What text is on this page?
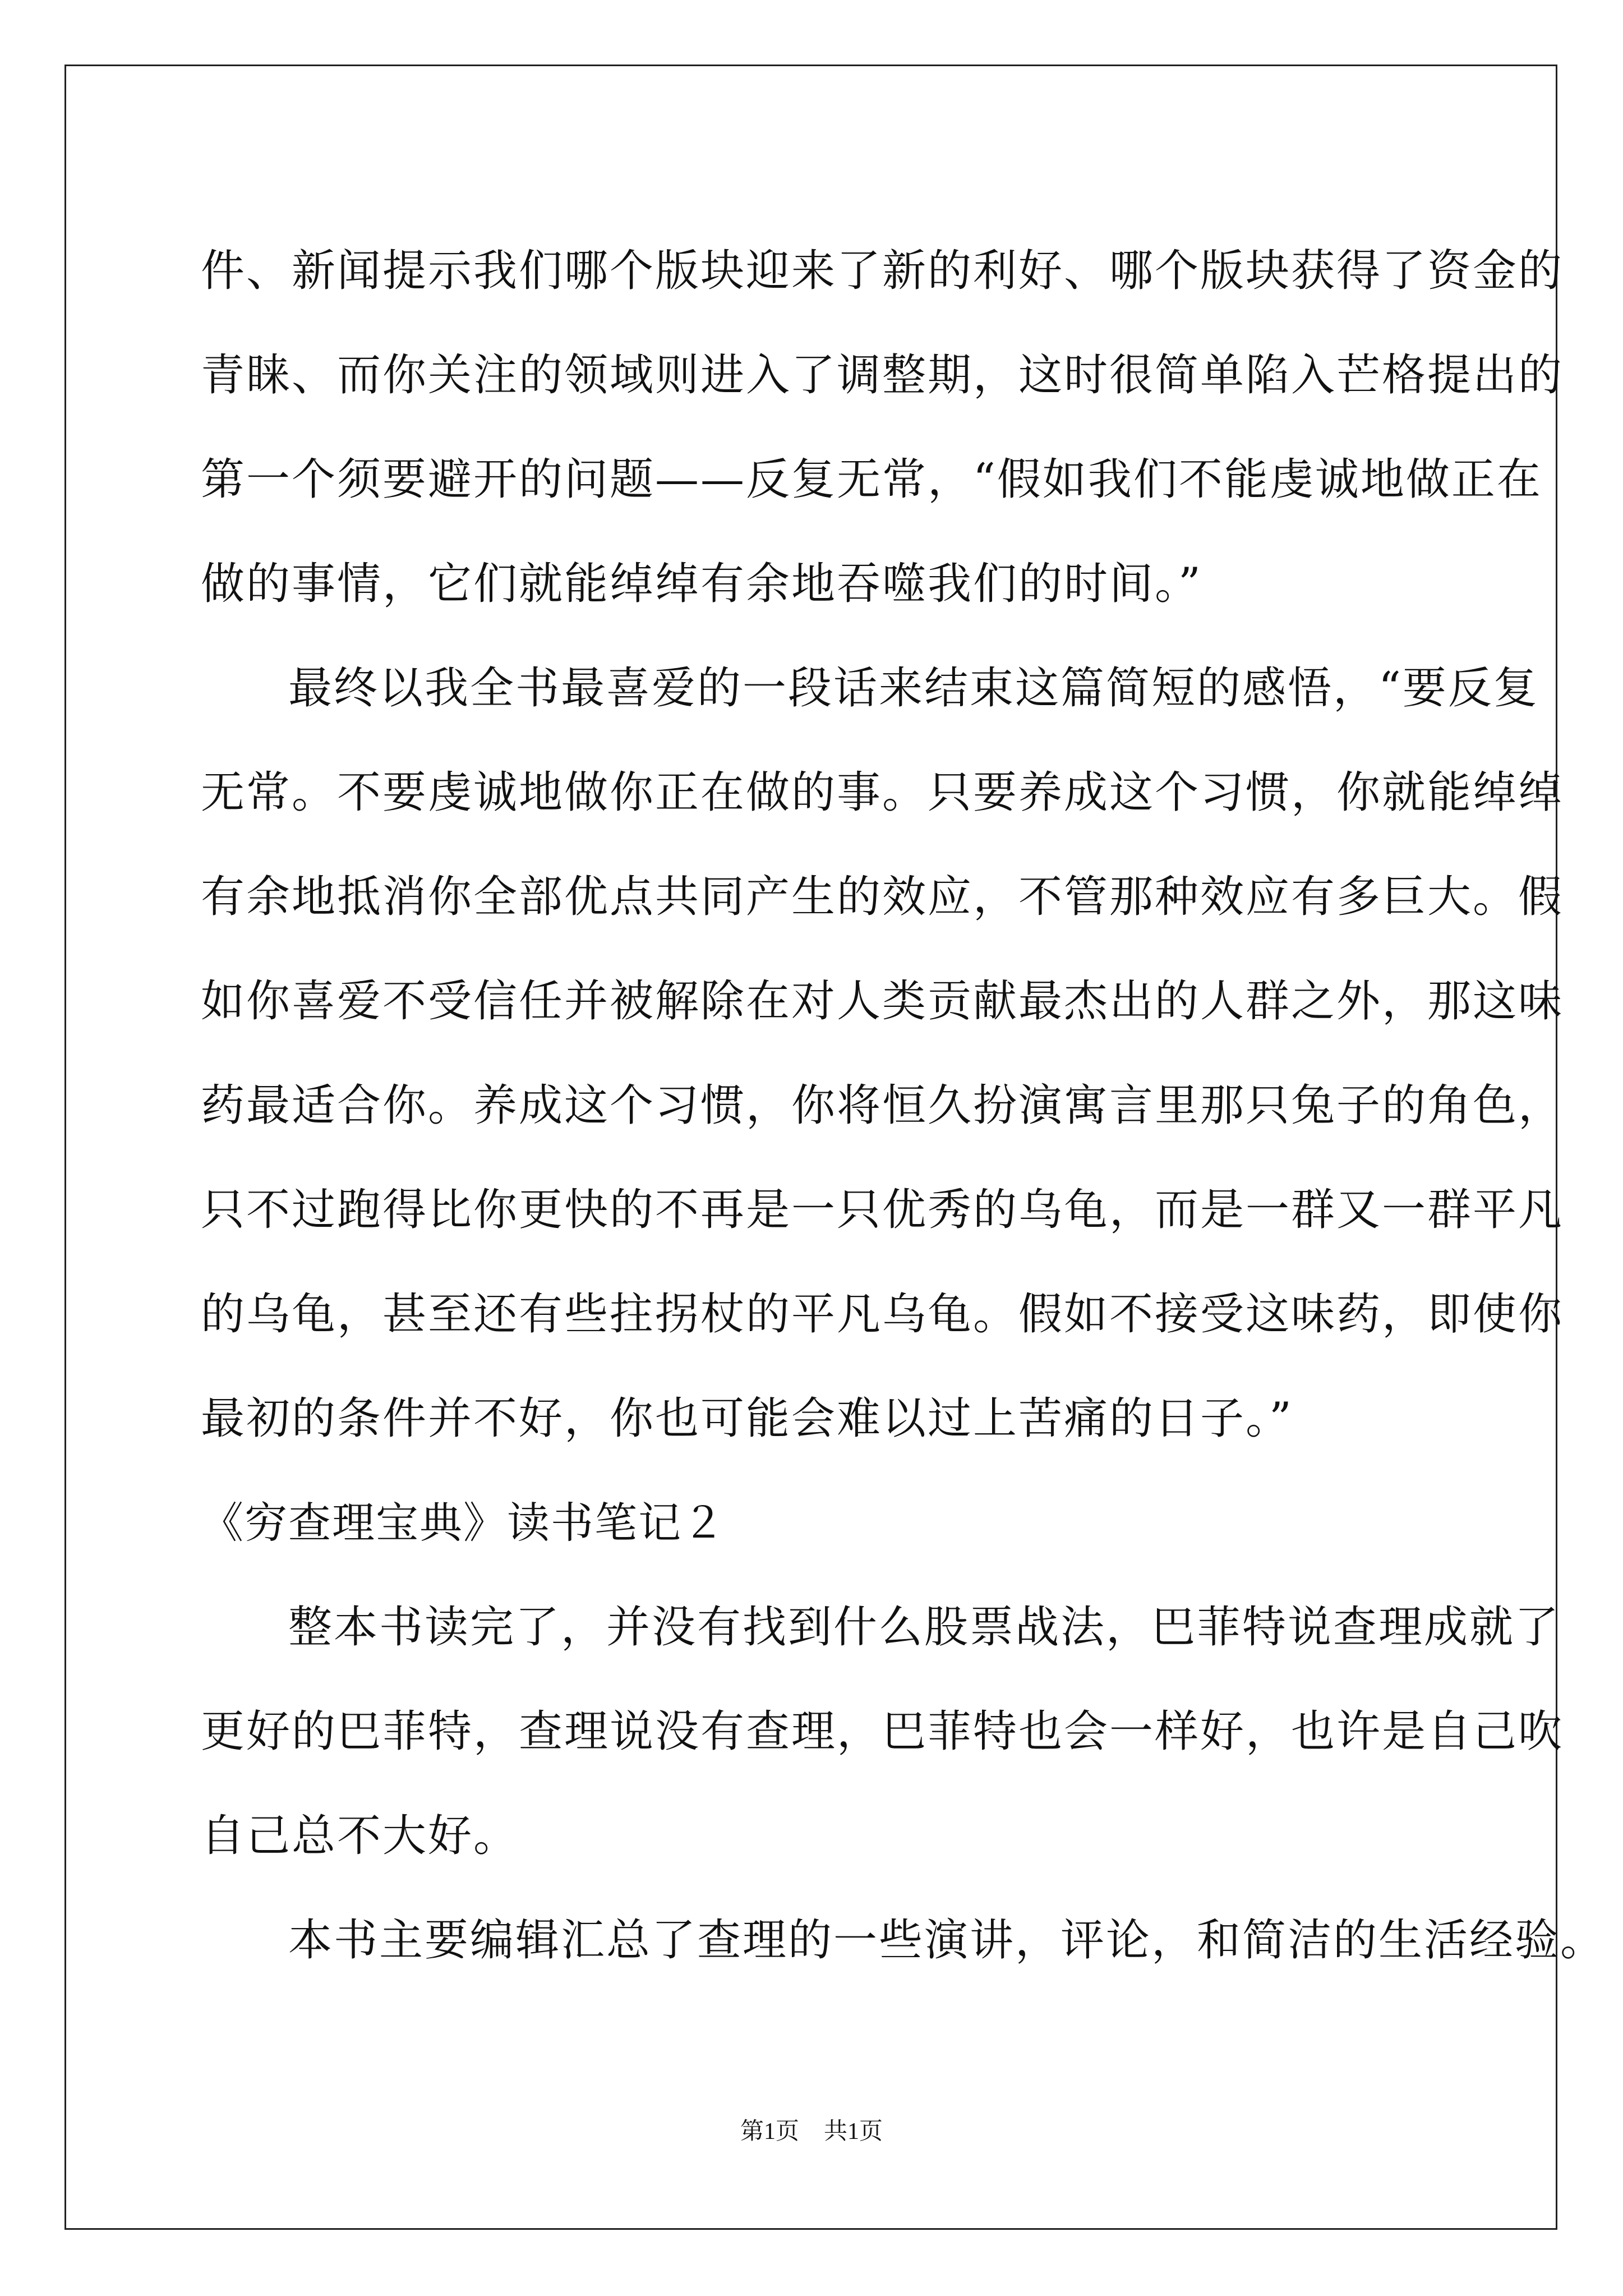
件、新闻提示我们哪个版块迎来了新的利好、哪个版块获得了资金的
青睐、而你关注的领域则进入了调整期，这时很简单陷入芒格提出的
第一个须要避开的问题——反复无常，“假如我们不能虔诚地做正在
做的事情，它们就能绰绰有余地吞噬我们的时间。”
最终以我全书最喜爱的一段话来结束这篇简短的感悟，“要反复
无常。不要虔诚地做你正在做的事。只要养成这个习惯，你就能绰绰
有余地抵消你全部优点共同产生的效应，不管那种效应有多巨大。假
如你喜爱不受信任并被解除在对人类贡献最杰出的人群之外，那这味
药最适合你。养成这个习惯，你将恒久扮演寓言里那只兔子的角色，
只不过跑得比你更快的不再是一只优秀的乌龟，而是一群又一群平凡
的乌龟，甚至还有些拄拐杖的平凡乌龟。假如不接受这味药，即使你
最初的条件并不好，你也可能会难以过上苦痛的日子。”
《穷查理宝典》读书笔记２
整本书读完了，并没有找到什么股票战法，巴菲特说查理成就了
更好的巴菲特，查理说没有查理，巴菲特也会一样好，也许是自己吹
自己总不大好。
本书主要编辑汇总了查理的一些演讲，评论，和简洁的生活经验。
第1页 共1页
